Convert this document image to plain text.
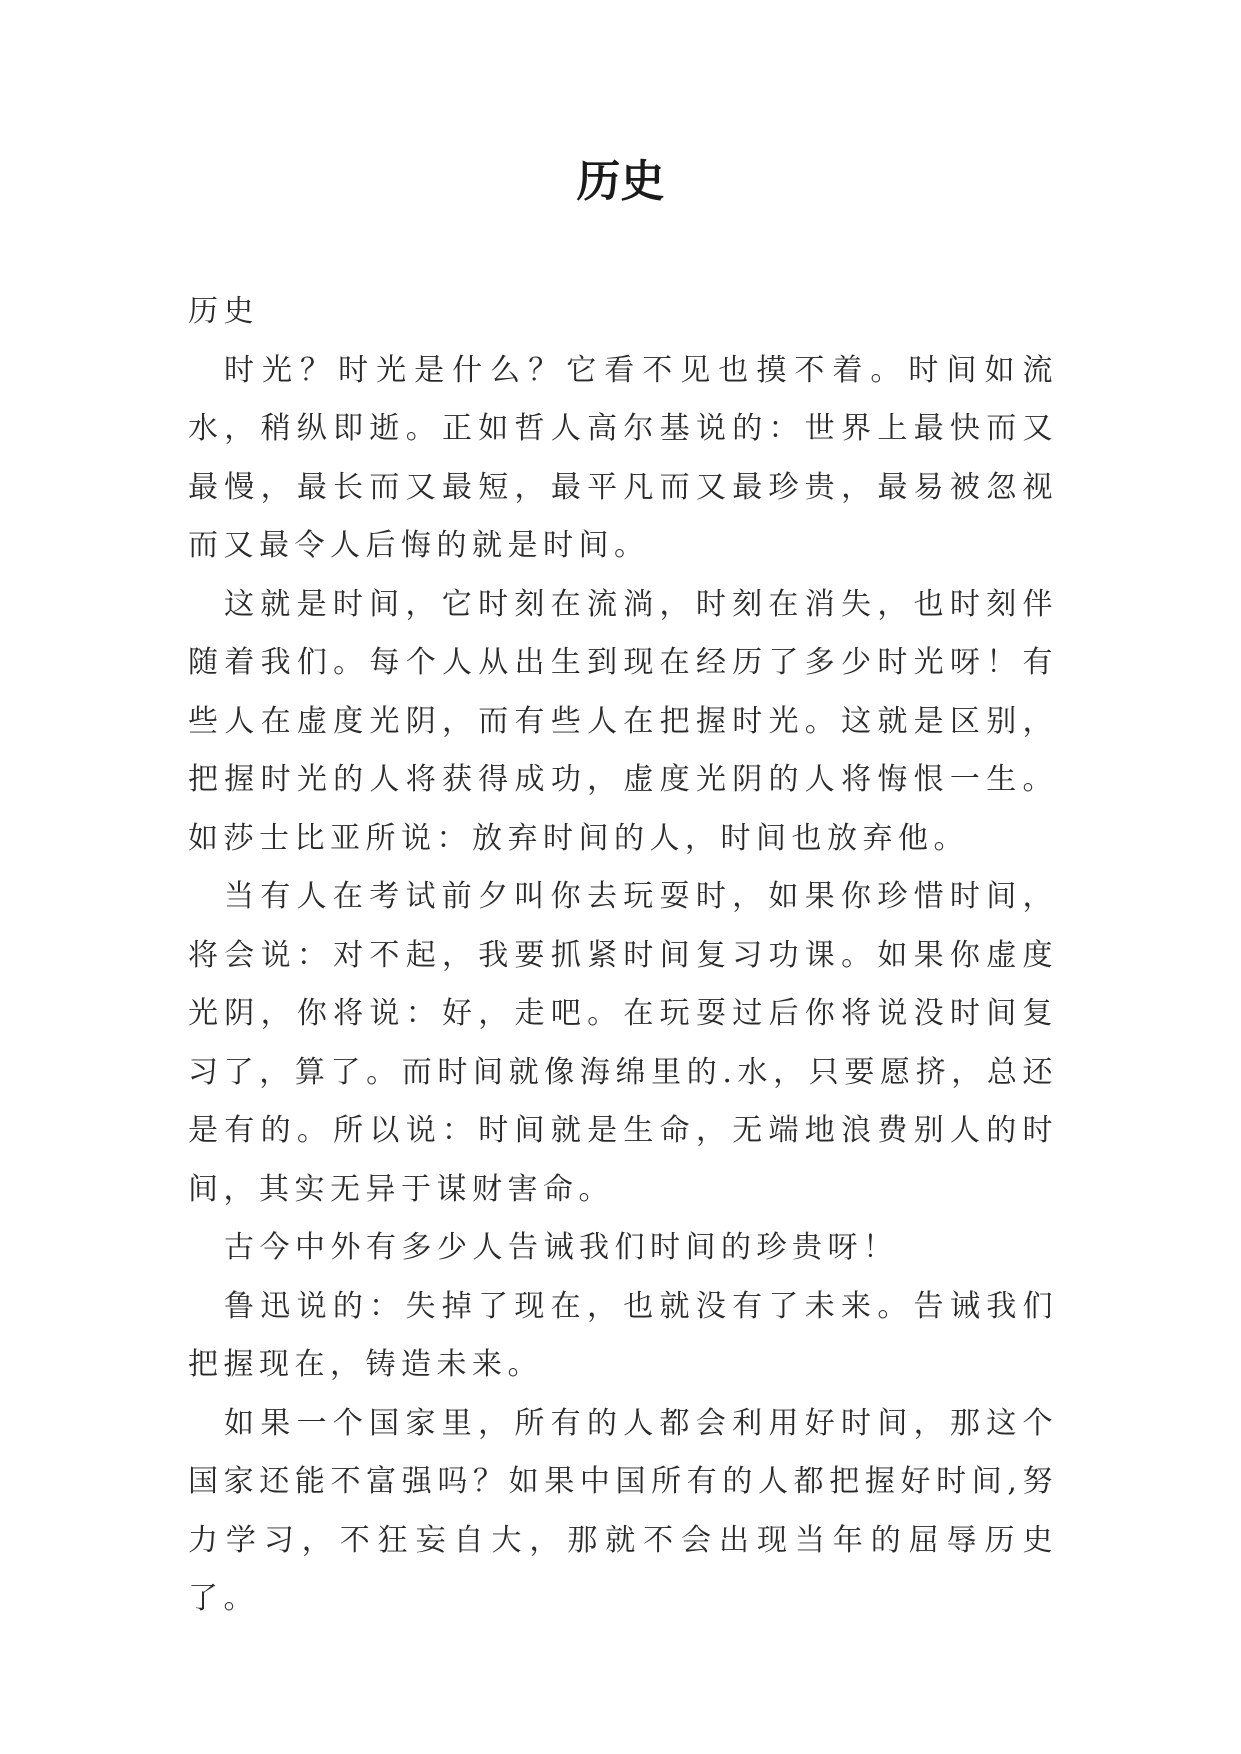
历史

历史

时光？时光是什么？它看不见也摸不着。时间如流水，稍纵即逝。正如哲人高尔基说的：世界上最快而又最慢，最长而又最短，最平凡而又最珍贵，最易被忽视而又最令人后悔的就是时间。

这就是时间，它时刻在流淌，时刻在消失，也时刻伴随着我们。每个人从出生到现在经历了多少时光呀！有些人在虚度光阴，而有些人在把握时光。这就是区别，把握时光的人将获得成功，虚度光阴的人将悔恨一生。如莎士比亚所说：放弃时间的人，时间也放弃他。

当有人在考试前夕叫你去玩耍时，如果你珍惜时间，将会说：对不起，我要抓紧时间复习功课。如果你虚度光阴，你将说：好，走吧。在玩耍过后你将说没时间复习了，算了。而时间就像海绵里的.水，只要愿挤，总还是有的。所以说：时间就是生命，无端地浪费别人的时间，其实无异于谋财害命。

古今中外有多少人告诫我们时间的珍贵呀！

鲁迅说的：失掉了现在，也就没有了未来。告诫我们把握现在，铸造未来。

如果一个国家里，所有的人都会利用好时间，那这个国家还能不富强吗？如果中国所有的人都把握好时间,努力学习，不狂妄自大，那就不会出现当年的屈辱历史了。
